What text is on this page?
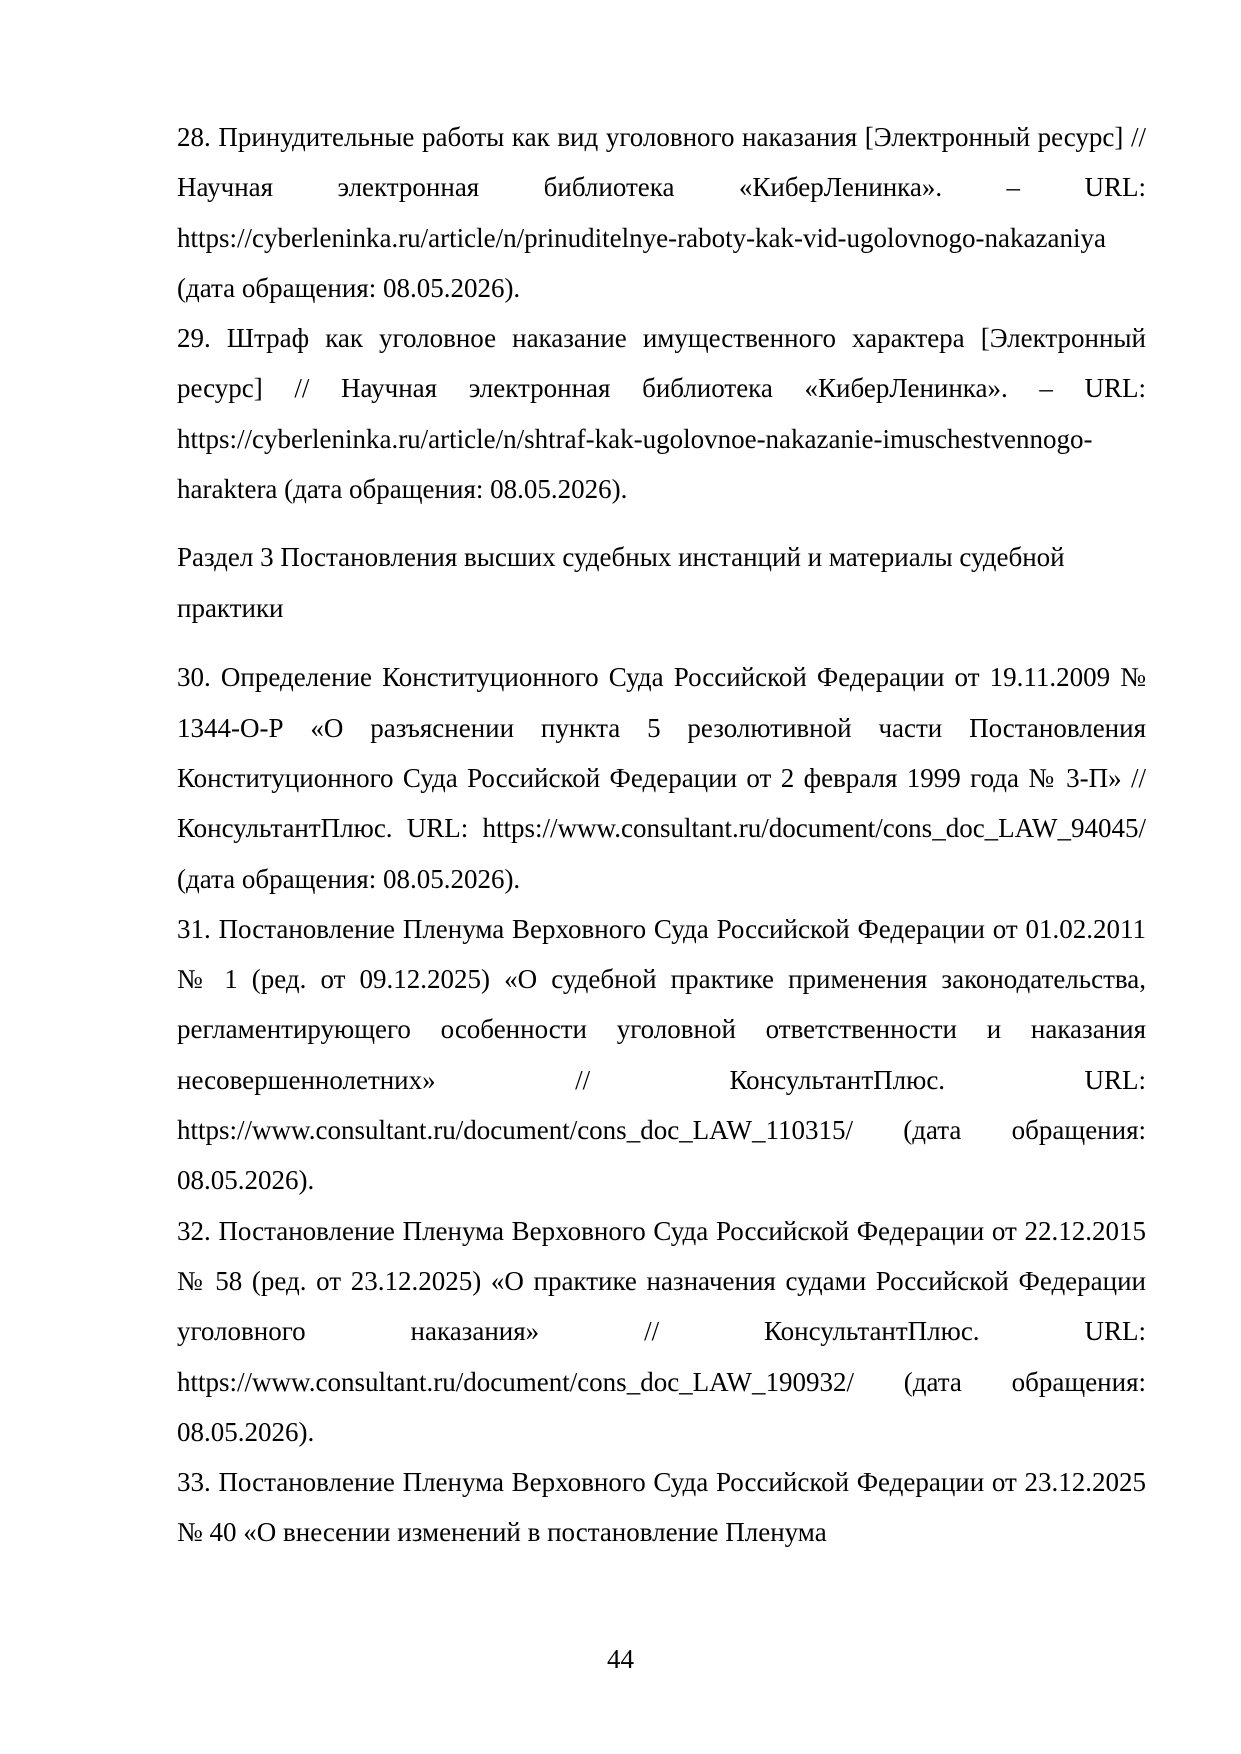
28. Принудительные работы как вид уголовного наказания [Электронный ресурс] // Научная электронная библиотека «КиберЛенинка». – URL: https://cyberleninka.ru/article/n/prinuditelnye-raboty-kak-vid-ugolovnogo-nakazaniya (дата обращения: 08.05.2026).

29. Штраф как уголовное наказание имущественного характера [Электронный ресурс] // Научная электронная библиотека «КиберЛенинка». – URL: https://cyberleninka.ru/article/n/shtraf-kak-ugolovnoe-nakazanie-imuschestvennogo-haraktera (дата обращения: 08.05.2026).

Раздел 3 Постановления высших судебных инстанций и материалы судебной практики

30. Определение Конституционного Суда Российской Федерации от 19.11.2009 № 1344-О-Р «О разъяснении пункта 5 резолютивной части Постановления Конституционного Суда Российской Федерации от 2 февраля 1999 года № 3-П» // КонсультантПлюс. URL: https://www.consultant.ru/document/cons_doc_LAW_94045/ (дата обращения: 08.05.2026).

31. Постановление Пленума Верховного Суда Российской Федерации от 01.02.2011 № 1 (ред. от 09.12.2025) «О судебной практике применения законодательства, регламентирующего особенности уголовной ответственности и наказания несовершеннолетних» // КонсультантПлюс. URL: https://www.consultant.ru/document/cons_doc_LAW_110315/ (дата обращения: 08.05.2026).

32. Постановление Пленума Верховного Суда Российской Федерации от 22.12.2015 № 58 (ред. от 23.12.2025) «О практике назначения судами Российской Федерации уголовного наказания» // КонсультантПлюс. URL: https://www.consultant.ru/document/cons_doc_LAW_190932/ (дата обращения: 08.05.2026).

33. Постановление Пленума Верховного Суда Российской Федерации от 23.12.2025 № 40 «О внесении изменений в постановление Пленума

44
